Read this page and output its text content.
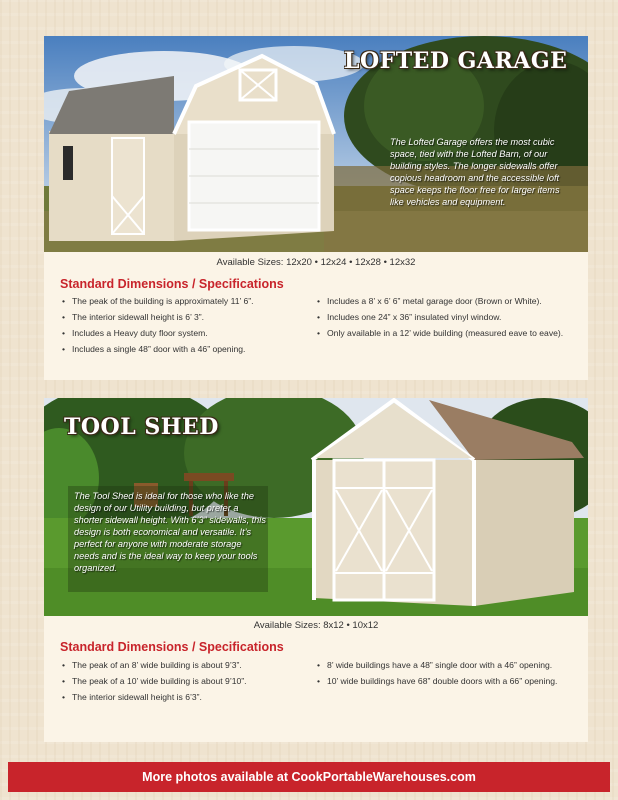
LOFTED GARAGE
The Lofted Garage offers the most cubic space, tied with the Lofted Barn, of our building styles. The longer sidewalls offer copious headroom and the accessible loft space keeps the floor free for larger items like vehicles and equipment.
Available Sizes: 12x20 • 12x24 • 12x28 • 12x32
Standard Dimensions / Specifications
• The peak of the building is approximately 11’ 6”.
• The interior sidewall height is 6’ 3”.
• Includes a Heavy duty floor system.
• Includes a single 48” door with a 46” opening.
• Includes a 8’ x 6’ 6” metal garage door (Brown or White).
• Includes one 24” x 36” insulated vinyl window.
• Only available in a 12’ wide building (measured eave to eave).
TOOL SHED
The Tool Shed is ideal for those who like the design of our Utility building, but prefer a shorter sidewall height. With 6’3” sidewalls, this design is both economical and versatile. It’s perfect for anyone with moderate storage needs and is the ideal way to keep your tools organized.
Available Sizes: 8x12 • 10x12
Standard Dimensions / Specifications
• The peak of an 8’ wide building is about 9’3”.
• The peak of a 10’ wide building is about 9’10”.
• The interior sidewall height is 6’3”.
• 8’ wide buildings have a 48” single door with a 46” opening.
• 10’ wide buildings have 68” double doors with a 66” opening.
More photos available at CookPortableWarehouses.com
